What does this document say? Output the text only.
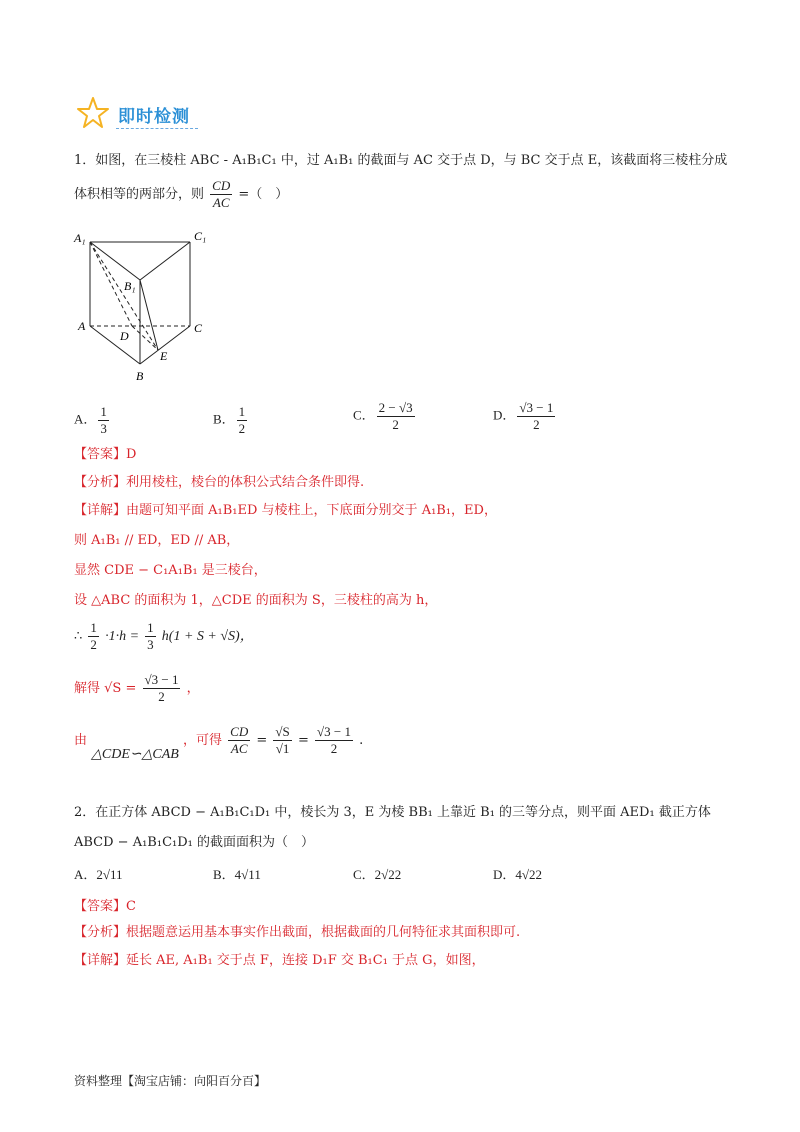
即时检测
1．如图，在三棱柱 ABC - A₁B₁C₁ 中，过 A₁B₁ 的截面与 AC 交于点 D，与 BC 交于点 E，该截面将三棱柱分成
体积相等的两部分，则 $\frac{CD}{AC}$ =（　）
A₁	C₁
B₁
A	C
D
E
B
A． $\frac{1}{3}$	B． $\frac{1}{2}$	C． $\frac{2 - √3}{2}$	D． $\frac{√3 - 1}{2}$
【答案】D
【分析】利用棱柱，棱台的体积公式结合条件即得.
【详解】由题可知平面 A₁B₁ED 与棱柱上，下底面分别交于 A₁B₁，ED，
则 A₁B₁ // ED，ED // AB，
显然 CDE − C₁A₁B₁ 是三棱台，
设 △ABC 的面积为 1，△CDE 的面积为 S，三棱柱的高为 h，
∴ $\frac{1}{2} \cdot 1\cdot h = \frac{1}{3} h(1 + S + √S)$，
解得 $√S = \frac{√3 - 1}{2}$ ，
由 △CDE∽△CAB ，可得 $\frac{CD}{AC} = \frac{√S}{√1} = \frac{√3 - 1}{2}$ .
2．在正方体 ABCD − A₁B₁C₁D₁ 中，棱长为 3，E 为棱 BB₁ 上靠近 B₁ 的三等分点，则平面 AED₁ 截正方体
ABCD − A₁B₁C₁D₁ 的截面面积为（　）
A．2√11	B．4√11	C．2√22	D．4√22
【答案】C
【分析】根据题意运用基本事实作出截面，根据截面的几何特征求其面积即可.
【详解】延长 AE, A₁B₁ 交于点 F，连接 D₁F 交 B₁C₁ 于点 G，如图，
资料整理【淘宝店铺：向阳百分百】
